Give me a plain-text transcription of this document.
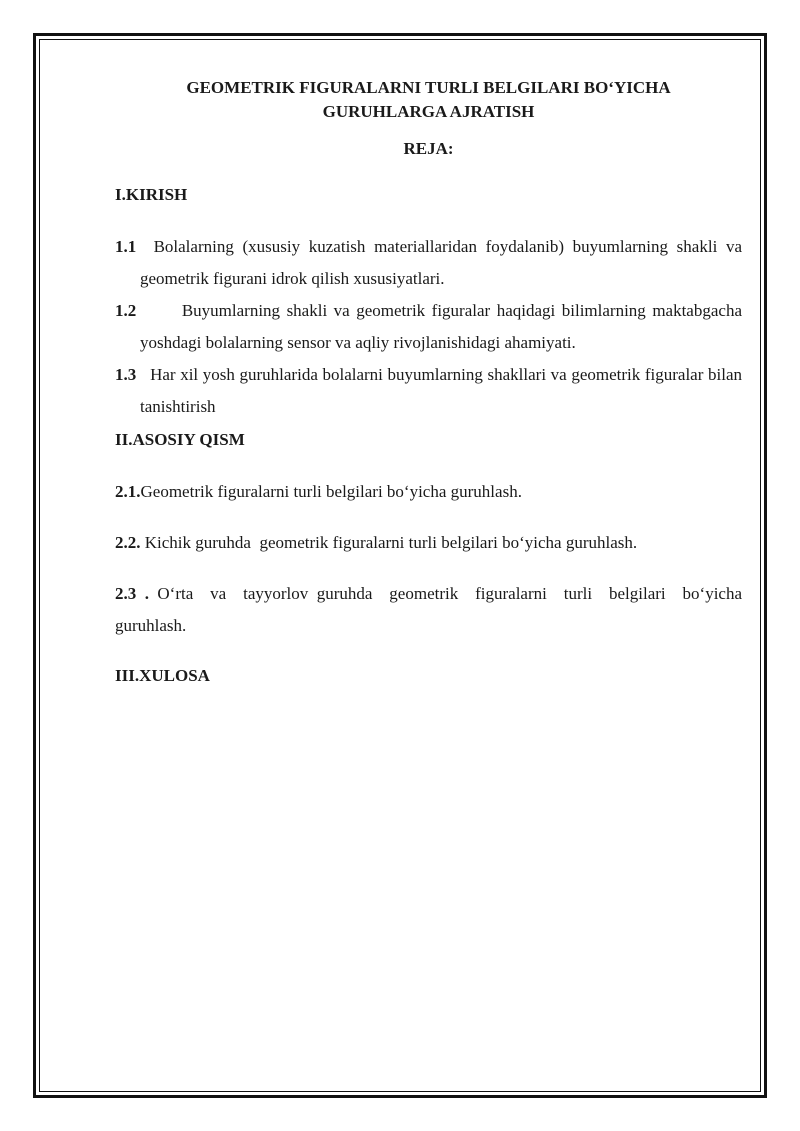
GEOMETRIK FIGURALARNI TURLI BELGILARI BO‘YICHA
GURUHLARGA AJRATISH

REJA:

I.KIRISH

1.1  Bolalarning (xususiy kuzatish materiallaridan foydalanib) buyumlarning shakli va geometrik figurani idrok qilish xususiyatlari.

1.2       Buyumlarning shakli va geometrik figuralar haqidagi bilimlarning maktabgacha yoshdagi bolalarning sensor va aqliy rivojlanishidagi ahamiyati.

1.3   Har xil yosh guruhlarida bolalarni buyumlarning shakllari va geometrik figuralar bilan tanishtirish

II.ASOSIY QISM

2.1.Geometrik figuralarni turli belgilari bo‘yicha guruhlash.

2.2. Kichik guruhda  geometrik figuralarni turli belgilari bo‘yicha guruhlash.

2.3 . O‘rta  va  tayyorlov guruhda  geometrik  figuralarni  turli  belgilari  bo‘yicha guruhlash.

III.XULOSA
